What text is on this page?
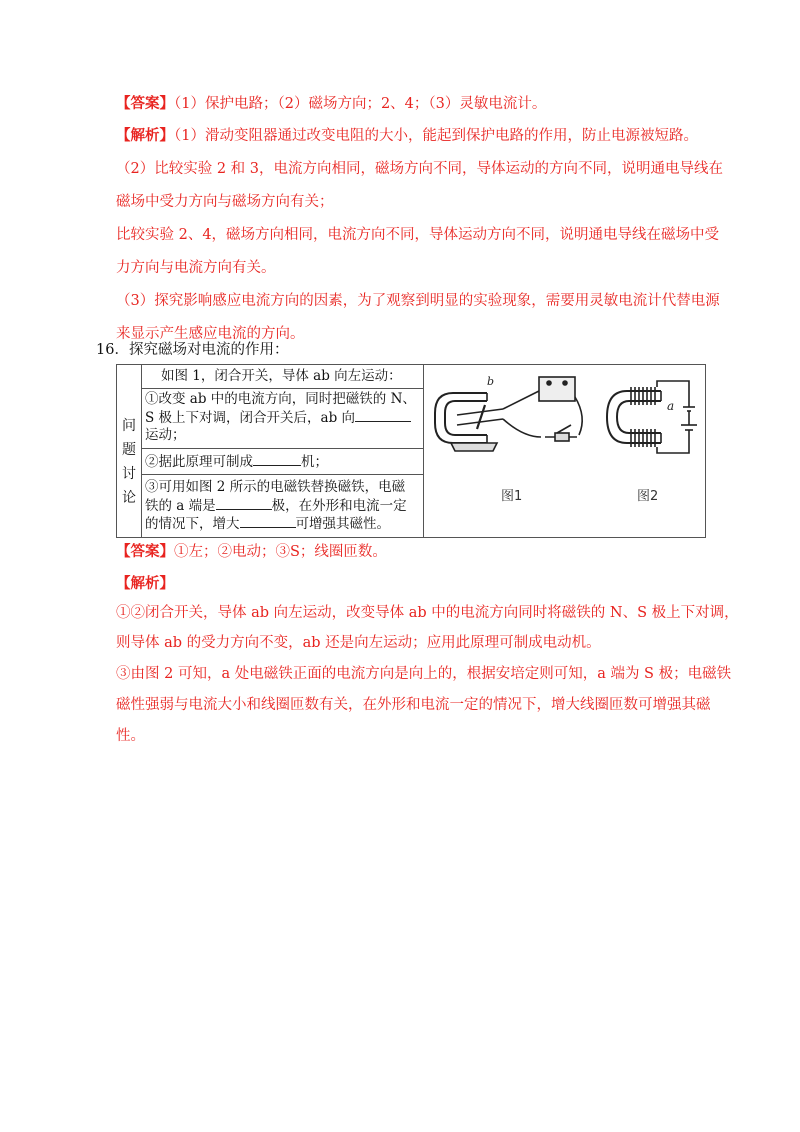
【答案】（1）保护电路；（2）磁场方向；2、4；（3）灵敏电流计。
【解析】（1）滑动变阻器通过改变电阻的大小，能起到保护电路的作用，防止电源被短路。
（2）比较实验 2 和 3，电流方向相同，磁场方向不同，导体运动的方向不同，说明通电导线在
磁场中受力方向与磁场方向有关；
比较实验 2、4，磁场方向相同，电流方向不同，导体运动方向不同，说明通电导线在磁场中受
力方向与电流方向有关。
（3）探究影响感应电流方向的因素，为了观察到明显的实验现象，需要用灵敏电流计代替电源
来显示产生感应电流的方向。
16．探究磁场对电流的作用：
问
题
讨
论
如图 1，闭合开关，导体 ab 向左运动：
①改变 ab 中的电流方向，同时把磁铁的 N、
S 极上下对调，闭合开关后，ab 向
运动；
②据此原理可制成	机；
③可用如图 2 所示的电磁铁替换磁铁，电磁
铁的 a 端是	极，在外形和电流一定
的情况下，增大	可增强其磁性。
b
图1
a
图2
【答案】①左；②电动；③S；线圈匝数。
【解析】
①②闭合开关，导体 ab 向左运动，改变导体 ab 中的电流方向同时将磁铁的 N、S 极上下对调，
则导体 ab 的受力方向不变，ab 还是向左运动；应用此原理可制成电动机。
③由图 2 可知，a 处电磁铁正面的电流方向是向上的，根据安培定则可知，a 端为 S 极；电磁铁
磁性强弱与电流大小和线圈匝数有关，在外形和电流一定的情况下，增大线圈匝数可增强其磁
性。
